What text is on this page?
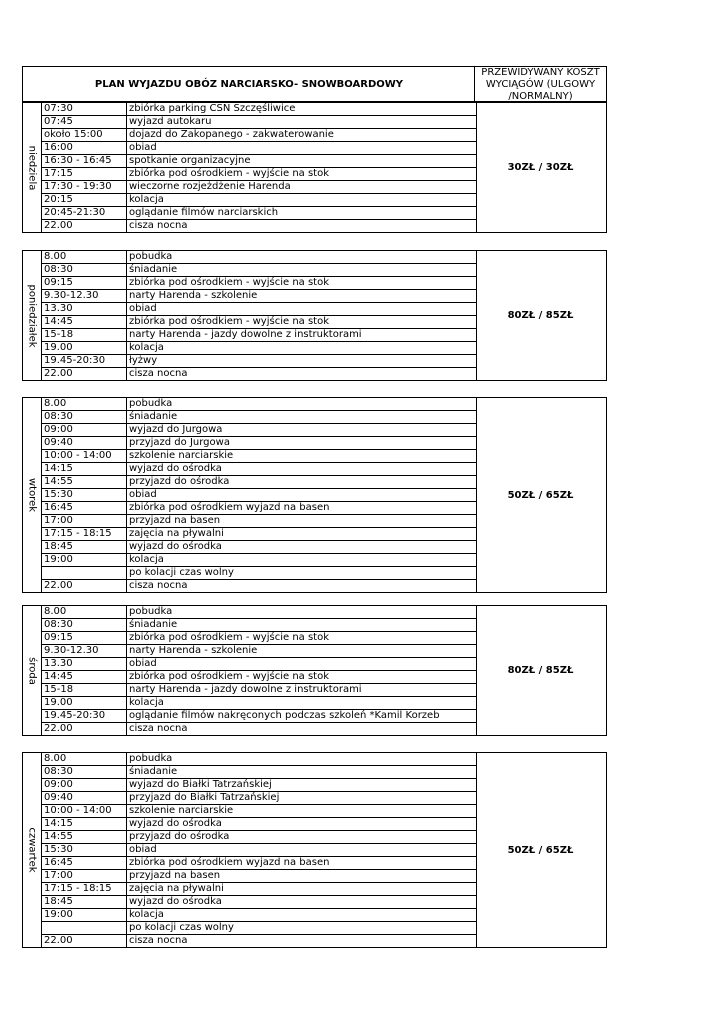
PLAN WYJAZDU OBÓZ NARCIARSKO- SNOWBOARDOWY
PRZEWIDYWANY KOSZT WYCIĄGÓW (ULGOWY /NORMALNY)
niedziela
07:30	zbiórka parking CSN Szczęśliwice
07:45	wyjazd autokaru
około 15:00	dojazd do Zakopanego - zakwaterowanie
16:00	obiad
16:30 - 16:45	spotkanie organizacyjne
17:15	zbiórka pod ośrodkiem - wyjście na stok
17:30 - 19:30	wieczorne rozjeżdżenie Harenda
20:15	kolacja
20:45-21:30	oglądanie filmów narciarskich
22.00	cisza nocna
30ZŁ / 30ZŁ
poniedziałek
8.00	pobudka
08:30	śniadanie
09:15	zbiórka pod ośrodkiem - wyjście na stok
9.30-12.30	narty Harenda - szkolenie
13.30	obiad
14:45	zbiórka pod ośrodkiem - wyjście na stok
15-18	narty Harenda - jazdy dowolne z instruktorami
19.00	kolacja
19.45-20:30	łyżwy
22.00	cisza nocna
80ZŁ / 85ZŁ
wtorek
8.00	pobudka
08:30	śniadanie
09:00	wyjazd do Jurgowa
09:40	przyjazd do Jurgowa
10:00 - 14:00	szkolenie narciarskie
14:15	wyjazd do ośrodka
14:55	przyjazd do ośrodka
15:30	obiad
16:45	zbiórka pod ośrodkiem wyjazd na basen
17:00	przyjazd na basen
17:15 - 18:15	zajęcia na pływalni
18:45	wyjazd do ośrodka
19:00	kolacja
po kolacji czas wolny
22.00	cisza nocna
50ZŁ / 65ZŁ
środa
8.00	pobudka
08:30	śniadanie
09:15	zbiórka pod ośrodkiem - wyjście na stok
9.30-12.30	narty Harenda - szkolenie
13.30	obiad
14:45	zbiórka pod ośrodkiem - wyjście na stok
15-18	narty Harenda - jazdy dowolne z instruktorami
19.00	kolacja
19.45-20:30	oglądanie filmów nakręconych podczas szkoleń *Kamil Korzeb
22.00	cisza nocna
80ZŁ / 85ZŁ
czwartek
8.00	pobudka
08:30	śniadanie
09:00	wyjazd do Białki Tatrzańskiej
09:40	przyjazd do Białki Tatrzańskiej
10:00 - 14:00	szkolenie narciarskie
14:15	wyjazd do ośrodka
14:55	przyjazd do ośrodka
15:30	obiad
16:45	zbiórka pod ośrodkiem wyjazd na basen
17:00	przyjazd na basen
17:15 - 18:15	zajęcia na pływalni
18:45	wyjazd do ośrodka
19:00	kolacja
po kolacji czas wolny
22.00	cisza nocna
50ZŁ / 65ZŁ
